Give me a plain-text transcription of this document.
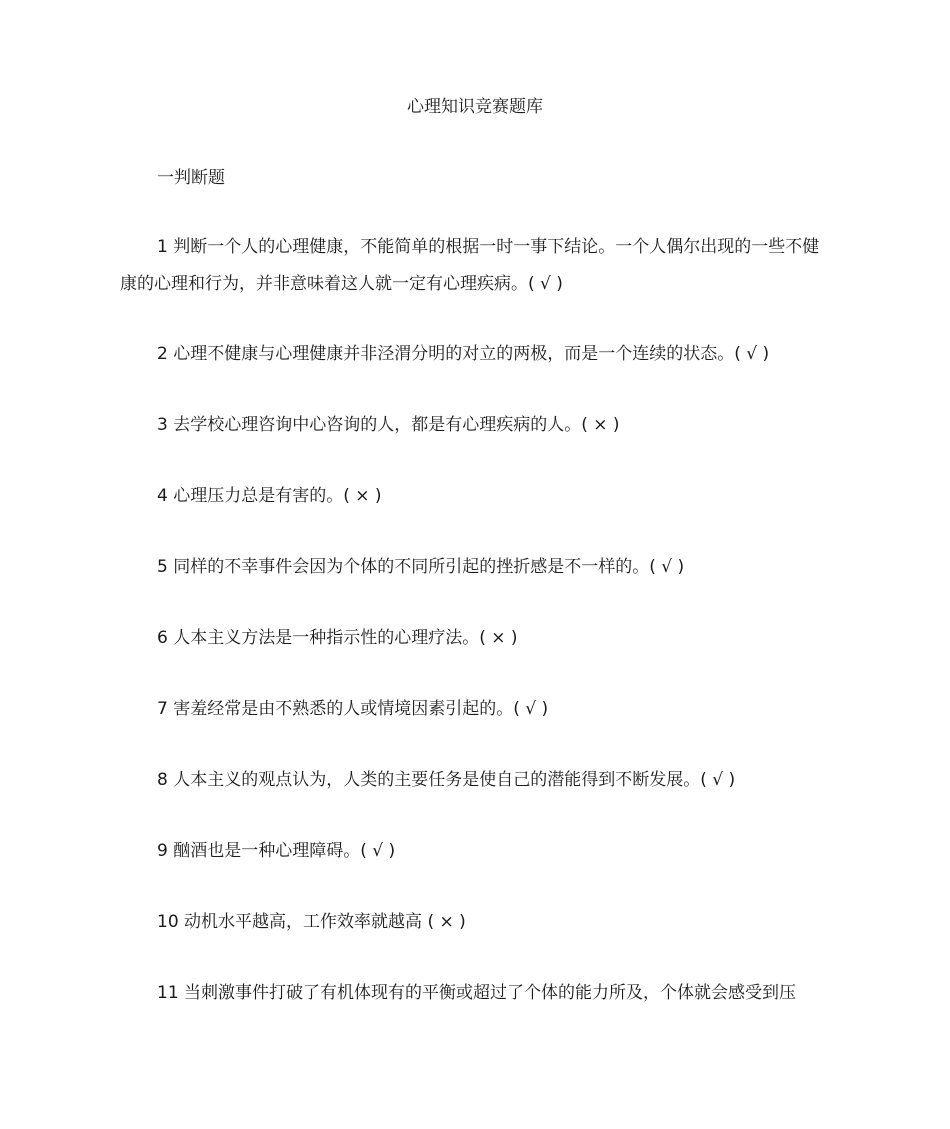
心理知识竞赛题库
一判断题

1 判断一个人的心理健康，不能简单的根据一时一事下结论。一个人偶尔出现的一些不健康的心理和行为，并非意味着这人就一定有心理疾病。( √ )

2 心理不健康与心理健康并非泾渭分明的对立的两极，而是一个连续的状态。( √ )

3 去学校心理咨询中心咨询的人，都是有心理疾病的人。( × )

4 心理压力总是有害的。( × )

5 同样的不幸事件会因为个体的不同所引起的挫折感是不一样的。( √ )

6 人本主义方法是一种指示性的心理疗法。( × )

7 害羞经常是由不熟悉的人或情境因素引起的。( √ )

8 人本主义的观点认为，人类的主要任务是使自己的潜能得到不断发展。( √ )

9 酗酒也是一种心理障碍。( √ )

10 动机水平越高，工作效率就越高 ( × )

11 当刺激事件打破了有机体现有的平衡或超过了个体的能力所及，个体就会感受到压
